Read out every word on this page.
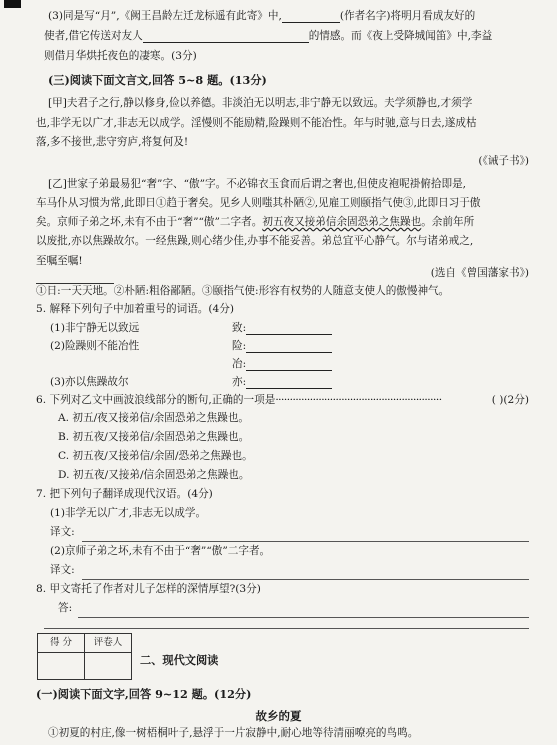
(3)同是写“月”,《阙王昌龄左迁龙标遥有此寄》中,	(作者名字)将明月看成友好的
使者,借它传送对友人	的情感。而《夜上受降城闻笛》中,李益
则借月华烘托夜色的凄寒。(3分)
(三)阅读下面文言文,回答 5~8 题。(13分)
[甲]夫君子之行,静以修身,俭以养德。非淡泊无以明志,非宁静无以致远。夫学须静也,才须学
也,非学无以广才,非志无以成学。淫慢则不能励精,险躁则不能冶性。年与时驰,意与日去,遂成枯
落,多不接世,悲守穷庐,将复何及!
(《诫子书》)
[乙]世家子弟最易犯“奢”字、“傲”字。不必锦衣玉食而后谓之奢也,但使皮袍呢褂俯拾即是,
车马仆从习惯为常,此即日①趋于奢矣。见乡人则嗤其朴陋②,见雇工则颐指气使③,此即日习于傲
矣。京师子弟之坏,未有不由于“奢”“傲”二字者。初五夜又接弟信余固恐弟之焦躁也。余前年所
以废批,亦以焦躁故尔。一经焦躁,则心绪少佳,办事不能妥善。弟总宜平心静气。尔与诸弟戒之,
至嘱至嘱!
(选自《曾国藩家书》)
①日:一天天地。②朴陋:粗俗鄙陋。③颐指气使:形容有权势的人随意支使人的傲慢神气。
5. 解释下列句子中加着重号的词语。(4分)
(1)非宁静无以致远	致:
(2)险躁则不能冶性	险:
冶:
(3)亦以焦躁故尔	亦:
6. 下列对乙文中画波浪线部分的断句,正确的一项是··························································	( )(2分)
A. 初五/夜又接弟信/余固恐弟之焦躁也。
B. 初五夜/又接弟信/余固恐弟之焦躁也。
C. 初五夜/又接弟信/余固/恐弟之焦躁也。
D. 初五夜/又接弟/信余固恐弟之焦躁也。
7. 把下列句子翻译成现代汉语。(4分)
(1)非学无以广才,非志无以成学。
译文:
(2)京师子弟之坏,未有不由于“奢”“傲”二字者。
译文:
8. 甲文寄托了作者对儿子怎样的深情厚望?(3分)
答:
得 分	评卷人

二、现代文阅读
(一)阅读下面文字,回答 9~12 题。(12分)
故乡的夏
①初夏的村庄,像一树梧桐叶子,悬浮于一片寂静中,耐心地等待清丽嘹亮的鸟鸣。
